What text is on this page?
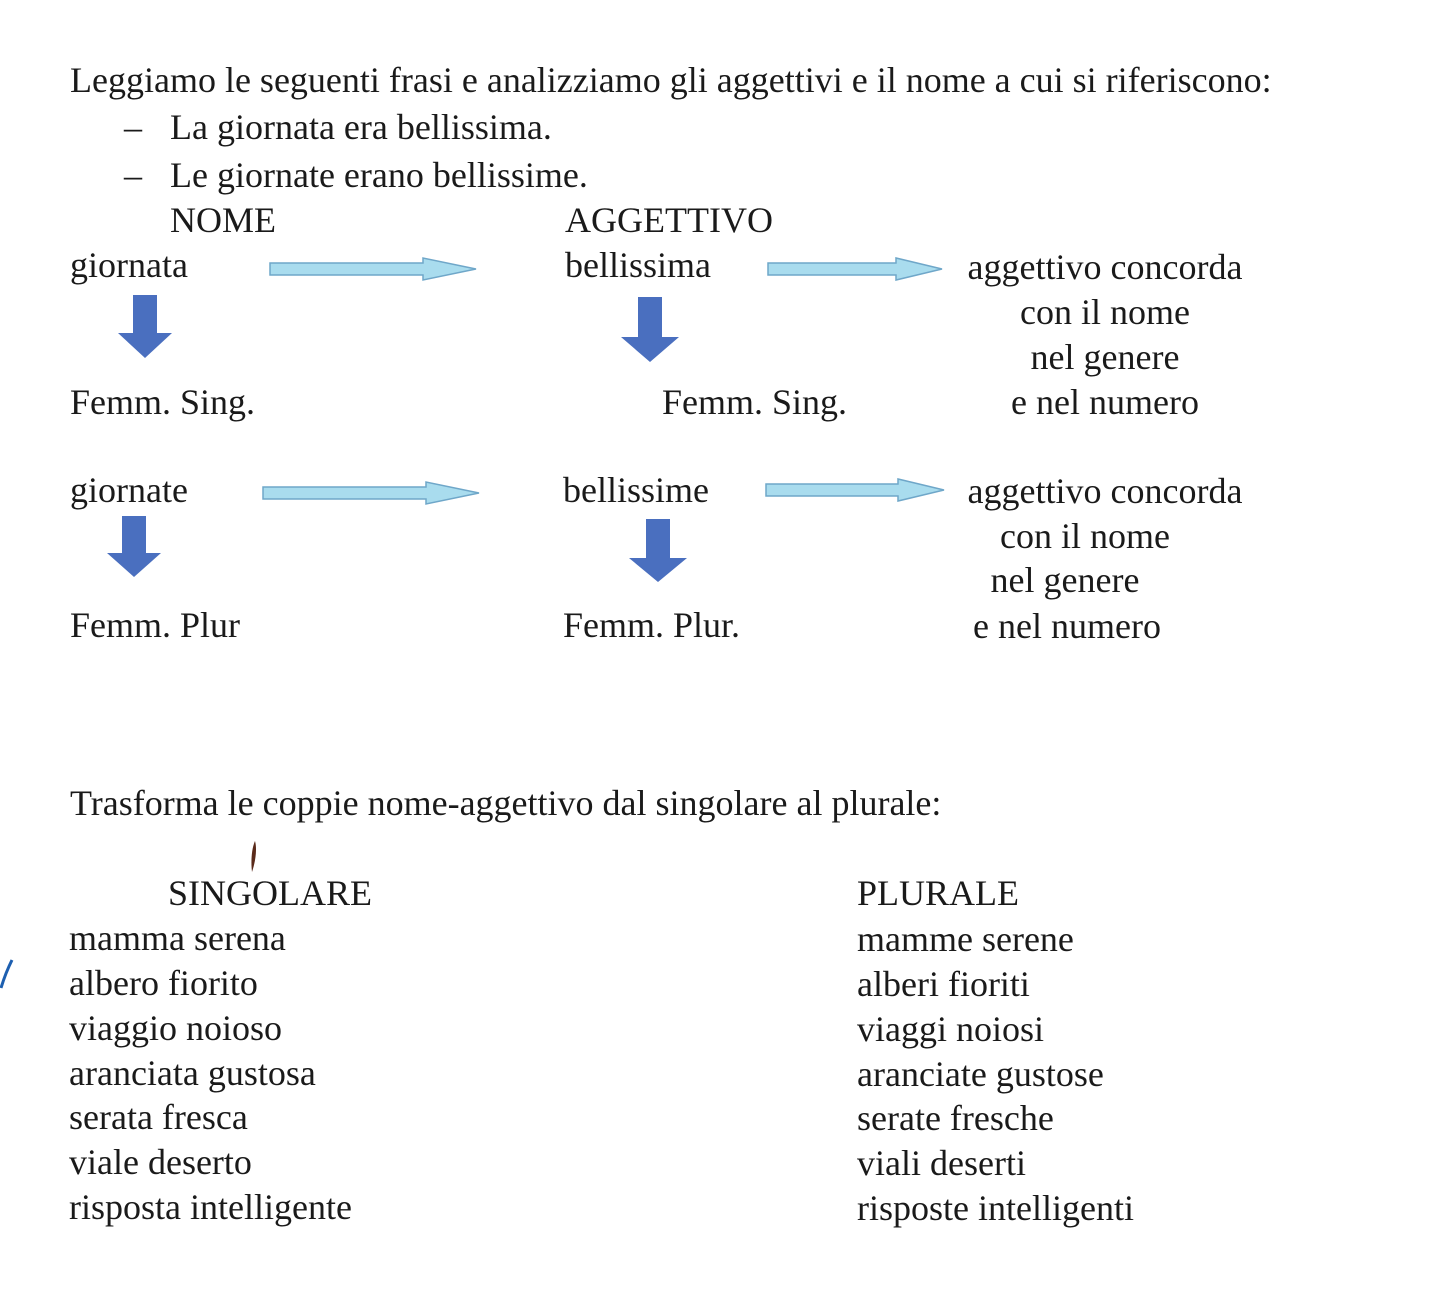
Leggiamo le seguenti frasi e analizziamo gli aggettivi e il nome a cui si riferiscono:
– La giornata era bellissima.
– Le giornate erano bellissime.
NOME	AGGETTIVO
giornata	bellissima	aggettivo concorda
con il nome
nel genere
e nel numero
Femm. Sing.	Femm. Sing.
giornate	bellissime	aggettivo concorda
con il nome
nel genere
e nel numero
Femm. Plur	Femm. Plur.
Trasforma le coppie nome-aggettivo dal singolare al plurale:
SINGOLARE	PLURALE
mamma serena	mamme serene
albero fiorito	alberi fioriti
viaggio noioso	viaggi noiosi
aranciata gustosa	aranciate gustose
serata fresca	serate fresche
viale deserto	viali deserti
risposta intelligente	risposte intelligenti
